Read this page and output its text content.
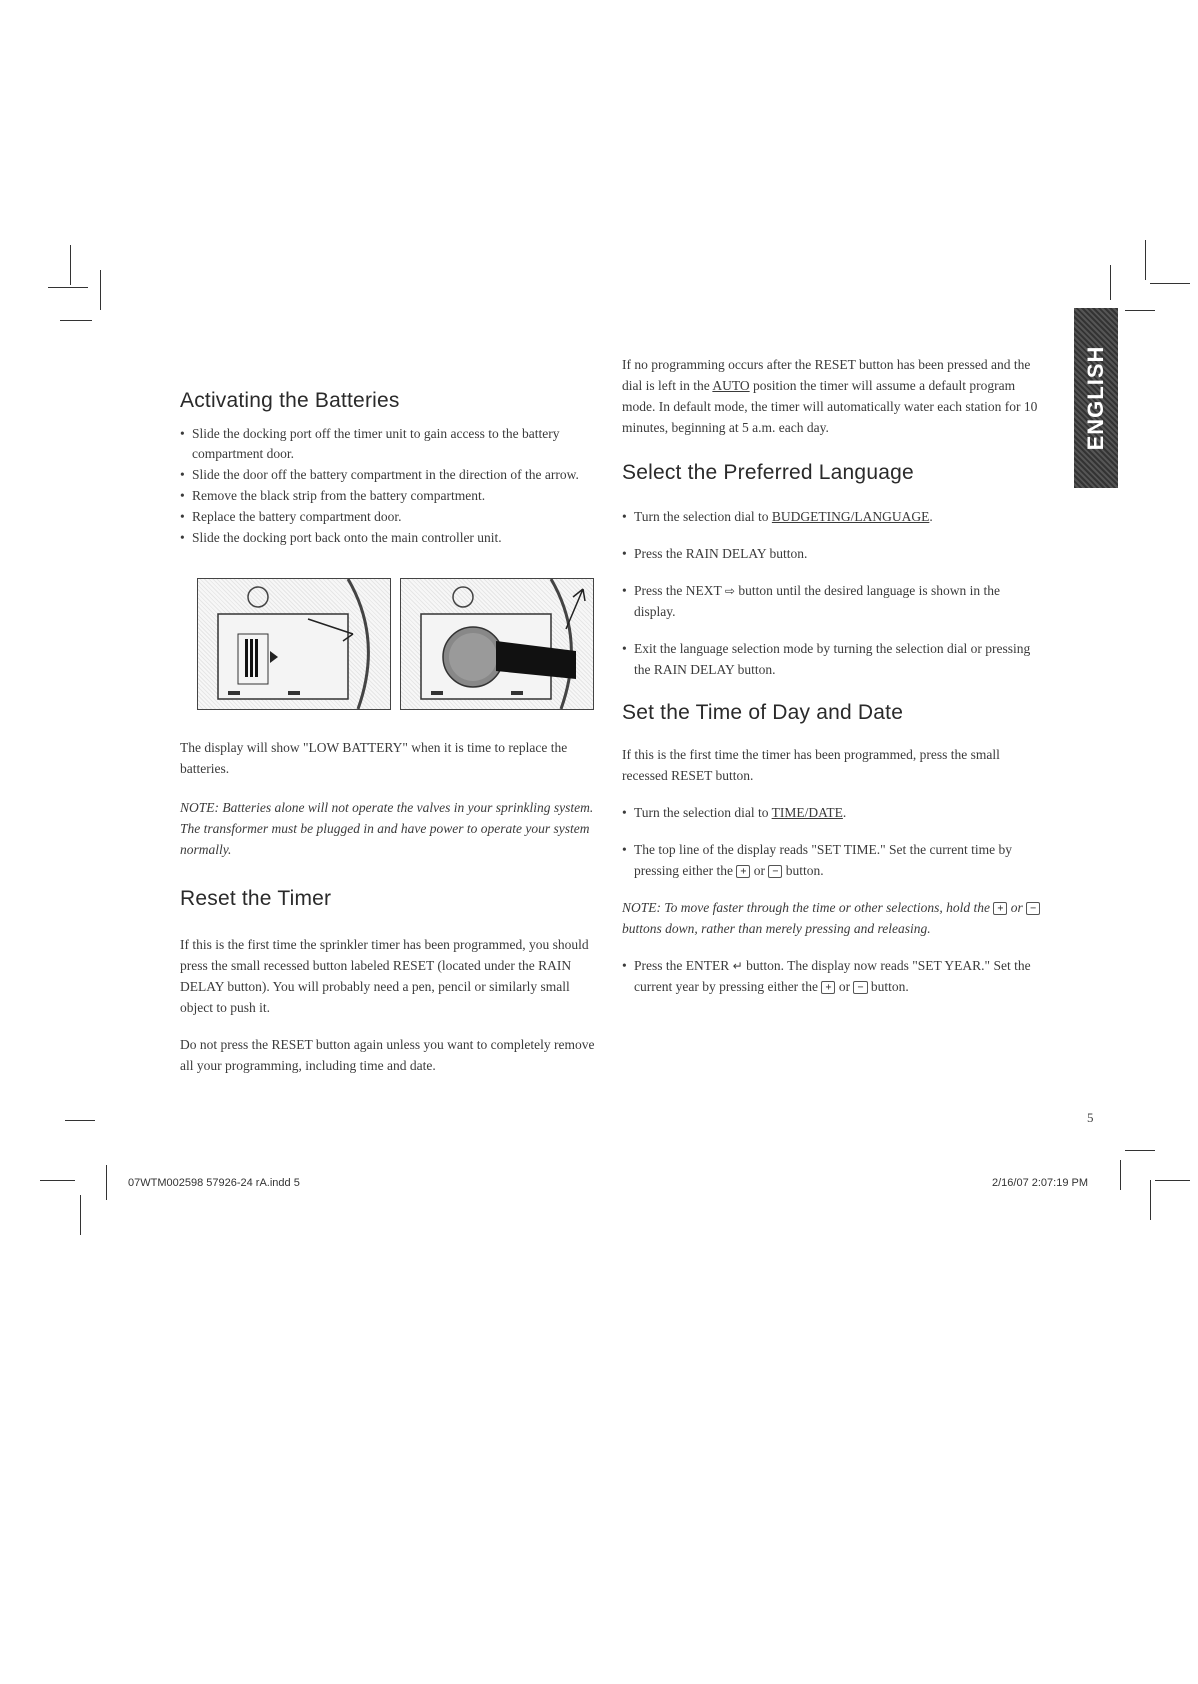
ENGLISH
Activating the Batteries
• Slide the docking port off the timer unit to gain access to the battery compartment door.
• Slide the door off the battery compartment in the direction of the arrow.
• Remove the black strip from the battery compartment.
• Replace the battery compartment door.
• Slide the docking port back onto the main controller unit.

The display will show "LOW BATTERY" when it is time to replace the batteries.

NOTE: Batteries alone will not operate the valves in your sprinkling system. The transformer must be plugged in and have power to operate your system normally.

Reset the Timer

If this is the first time the sprinkler timer has been programmed, you should press the small recessed button labeled RESET (located under the RAIN DELAY button). You will probably need a pen, pencil or similarly small object to push it.

Do not press the RESET button again unless you want to completely remove all your programming, including time and date.

If no programming occurs after the RESET button has been pressed and the dial is left in the AUTO position the timer will assume a default program mode. In default mode, the timer will automatically water each station for 10 minutes, beginning at 5 a.m. each day.

Select the Preferred Language
• Turn the selection dial to BUDGETING/LANGUAGE.
• Press the RAIN DELAY button.
• Press the NEXT ⇨ button until the desired language is shown in the display.
• Exit the language selection mode by turning the selection dial or pressing the RAIN DELAY button.
Set the Time of Day and Date

If this is the first time the timer has been programmed, press the small recessed RESET button.

• Turn the selection dial to TIME/DATE.
• The top line of the display reads "SET TIME." Set the current time by pressing either the + or − button.

NOTE: To move faster through the time or other selections, hold the + or − buttons down, rather than merely pressing and releasing.

• Press the ENTER ↵ button. The display now reads "SET YEAR." Set the current year by pressing either the + or − button.
5
07WTM002598 57926-24 rA.indd 5	2/16/07 2:07:19 PM
